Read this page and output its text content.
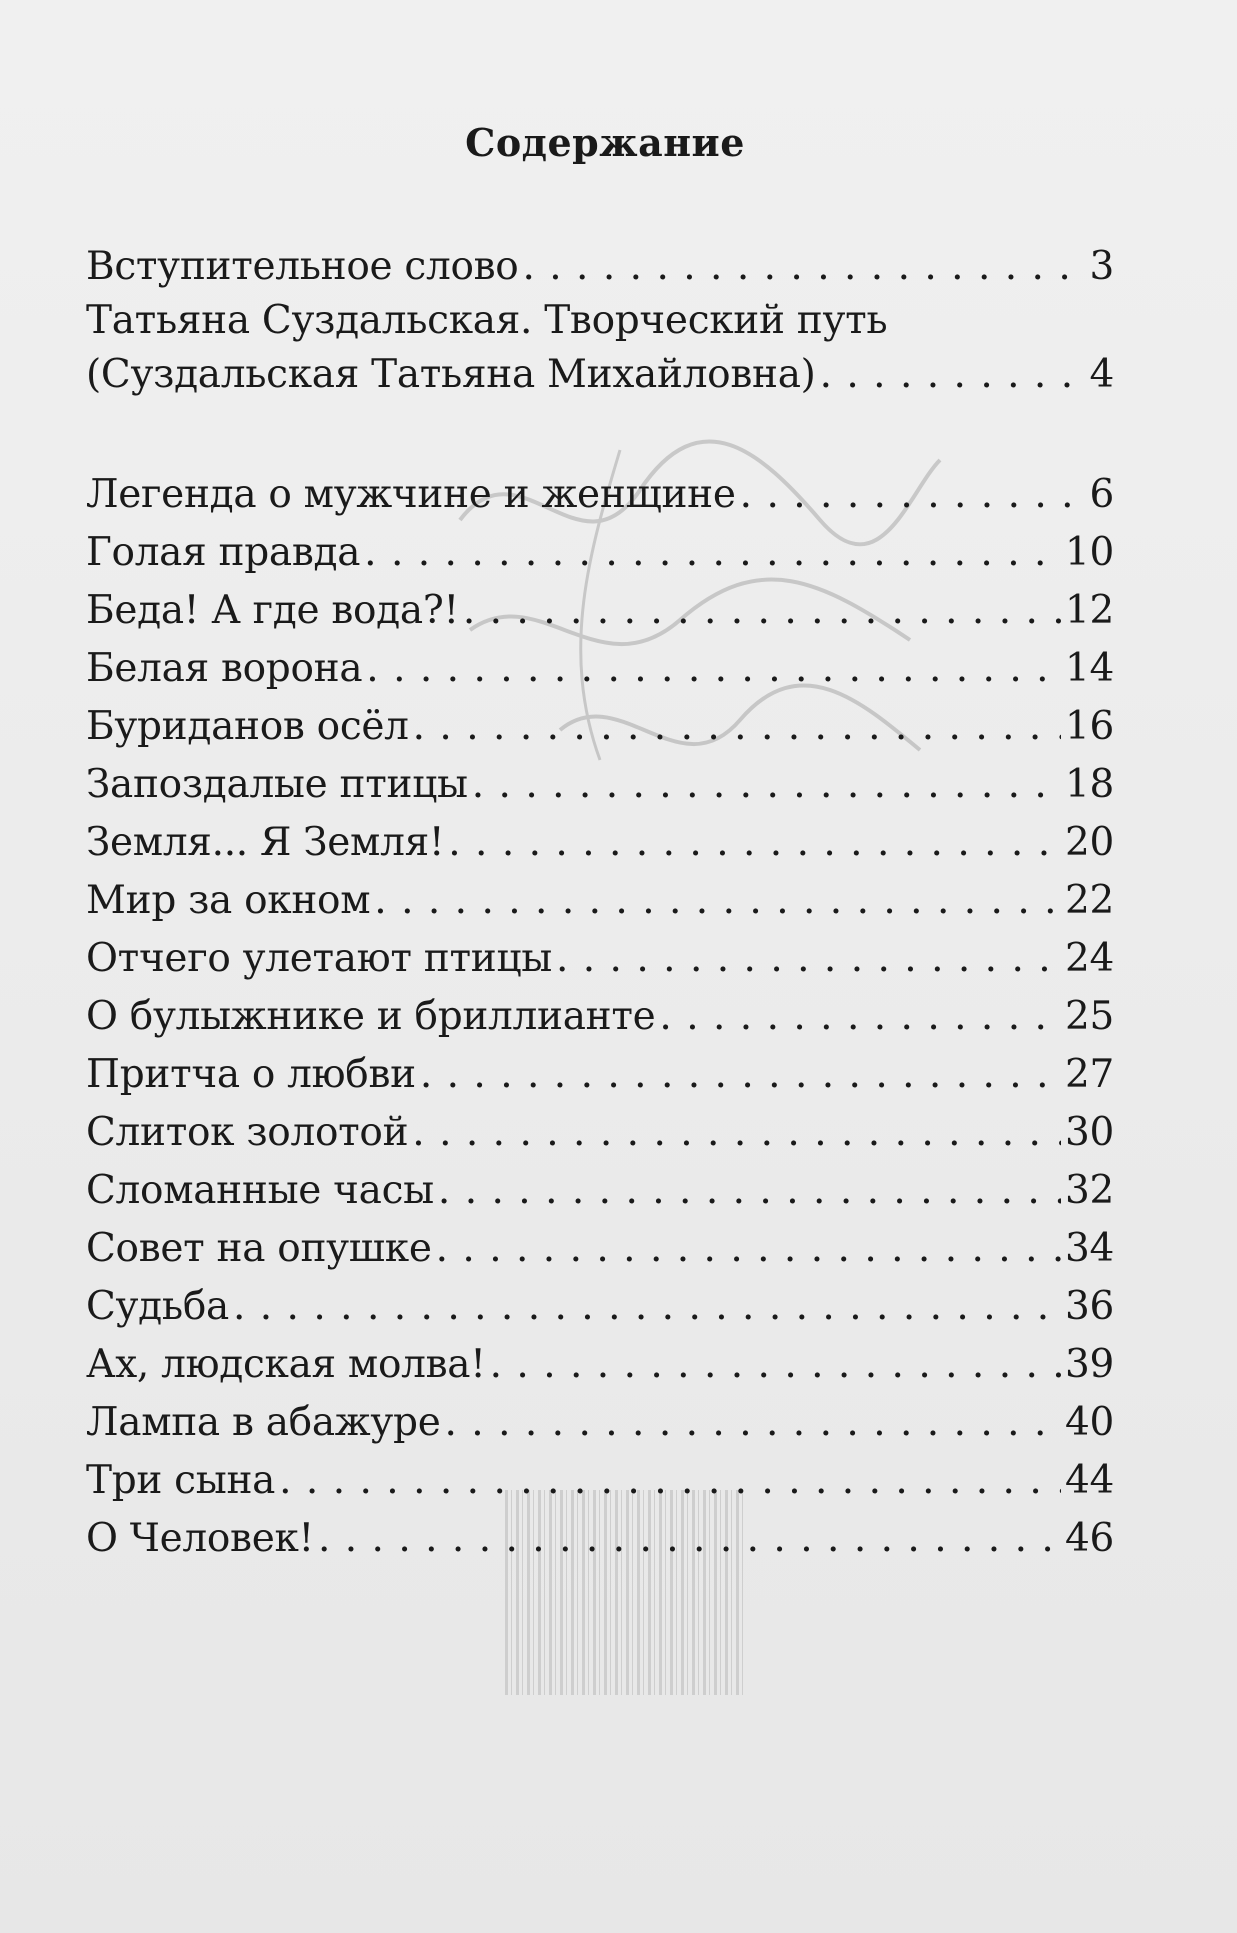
Содержание
Вступительное слово . . .	3
Татьяна Суздальская. Творческий путь
(Суздальская Татьяна Михайловна) . . .	4
Легенда о мужчине и женщине . . .	6
Голая правда . . .	10
Беда! А где вода?! . . .	12
Белая ворона . . .	14
Буриданов осёл . . .	16
Запоздалые птицы . . .	18
Земля... Я Земля! . . .	20
Мир за окном . . .	22
Отчего улетают птицы . . .	24
О булыжнике и бриллианте . . .	25
Притча о любви . . .	27
Слиток золотой . . .	30
Сломанные часы . . .	32
Совет на опушке . . .	34
Судьба . . .	36
Ах, людская молва! . . .	39
Лампа в абажуре . . .	40
Три сына . . .	44
О Человек! . . .	46
